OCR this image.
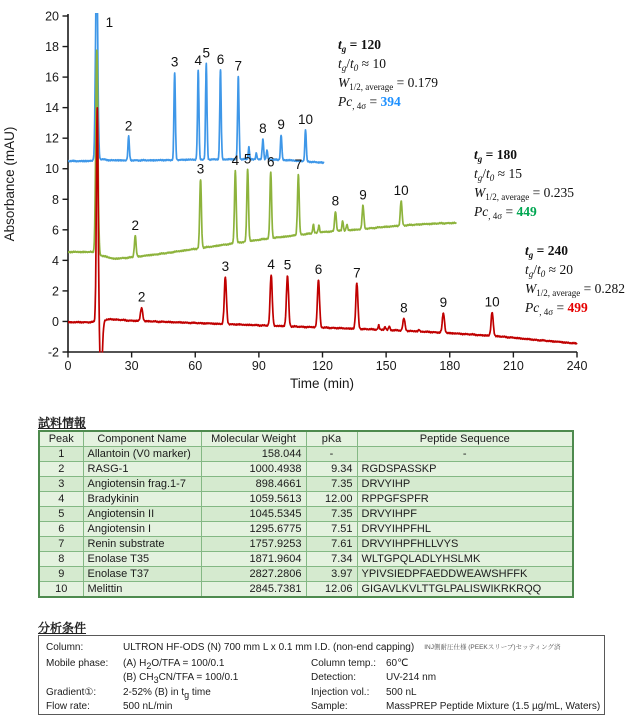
-2
0
2
4
6
8
10
12
14
16
18
20
0	30	60	90	120	150	180	210	240
Time (min)
Absorbance (mAU)
1
2
3 4
5 6 7
8 9 10
2
3
4 5 6 7
8 9 10
2
3	4 5 6 7
8 9	10
$t_g = 120$
$t_g/t_0 \approx 10$
$W_{1/2, average} = 0.179$
$Pc_{, 4\sigma} = 394$
$t_g = 180$
$t_g/t_0 \approx 15$
$W_{1/2, average} = 0.235$
$Pc_{, 4\sigma} = 449$
$t_g = 240$
$t_g/t_0 \approx 20$
$W_{1/2, average} = 0.282$
$Pc_{, 4\sigma} = 499$
試料情報
Peak	Component Name	Molecular Weight	pKa	Peptide Sequence
1	Allantoin (V0 marker)	158.044	-	-
2	RASG-1	1000.4938	9.34	RGDSPASSKP
3	Angiotensin frag.1-7	898.4661	7.35	DRVYIHP
4	Bradykinin	1059.5613	12.00	RPPGFSPFR
5	Angiotensin II	1045.5345	7.35	DRVYIHPF
6	Angiotensin I	1295.6775	7.51	DRVYIHPFHL
7	Renin substrate	1757.9253	7.61	DRVYIHPFHLLVYS
8	Enolase T35	1871.9604	7.34	WLTGPQLADLYHSLMK
9	Enolase T37	2827.2806	3.97	YPIVSIEDPFAEDDWEAWSHFFK
10	Melittin	2845.7381	12.06	GIGAVLKVLTTGLPALISWIKRKRQQ
分析条件
Column:	ULTRON HF-ODS (N) 700 mm L x 0.1 mm I.D. (non-end capping) INJ側耐圧仕様 (PEEKスリーブ)セッティング済
Mobile phase:	(A) H2O/TFA = 100/0.1	Column temp.: 60℃
(B) CH3CN/TFA = 100/0.1	Detection:	UV-214 nm
Gradient①:	2-52% (B) in tg time	Injection vol.:	500 nL
Flow rate:	500 nL/min	Sample:	MassPREP Peptide Mixture (1.5 µg/mL, Waters)
